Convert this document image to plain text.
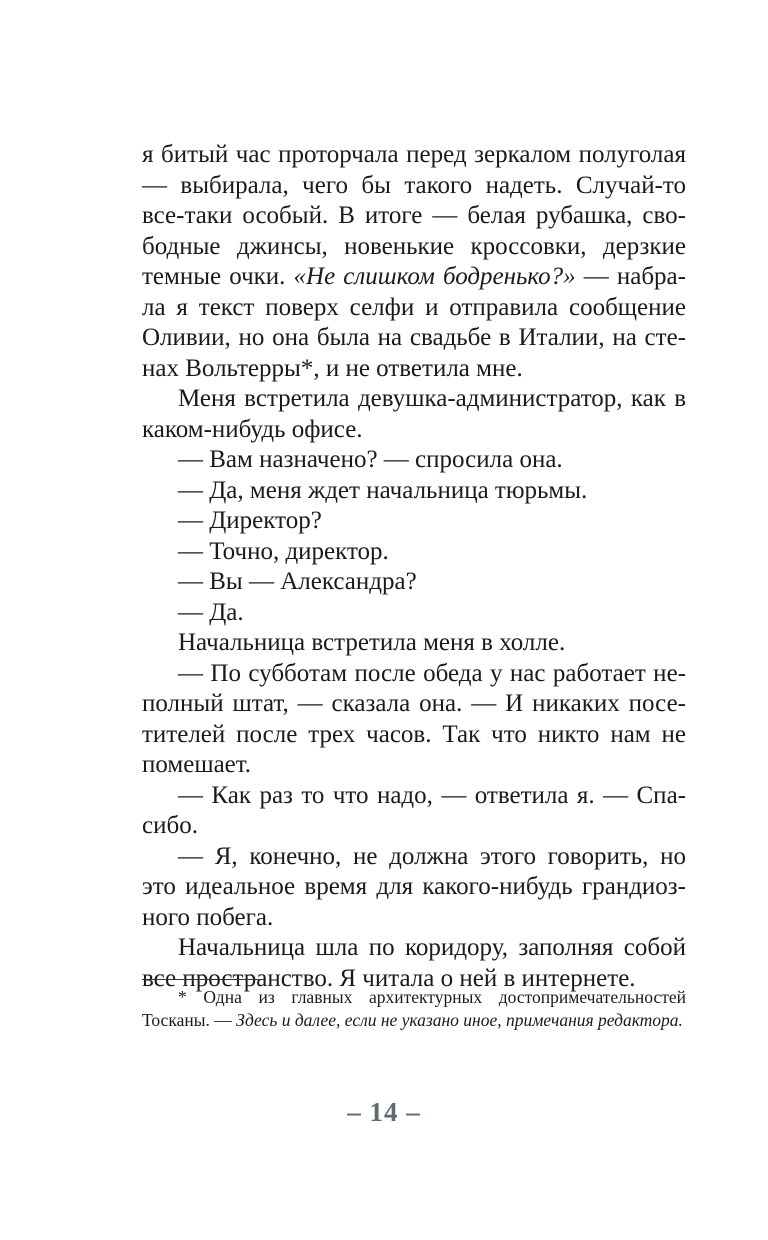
я битый час проторчала перед зеркалом полуголая — выбирала, чего бы такого надеть. Случай-то все-таки особый. В итоге — белая рубашка, свободные джинсы, новенькие кроссовки, дерзкие темные очки. «Не слишком бодренько?» — набрала я текст поверх селфи и отправила сообщение Оливии, но она была на свадьбе в Италии, на стенах Вольтерры*, и не ответила мне.

Меня встретила девушка-администратор, как в каком-нибудь офисе.

— Вам назначено? — спросила она.

— Да, меня ждет начальница тюрьмы.

— Директор?

— Точно, директор.

— Вы — Александра?

— Да.

Начальница встретила меня в холле.

— По субботам после обеда у нас работает неполный штат, — сказала она. — И никаких посетителей после трех часов. Так что никто нам не помешает.

— Как раз то что надо, — ответила я. — Спасибо.

— Я, конечно, не должна этого говорить, но это идеальное время для какого-нибудь грандиозного побега.

Начальница шла по коридору, заполняя собой все пространство. Я читала о ней в интернете.

* Одна из главных архитектурных достопримечательностей Тосканы. — Здесь и далее, если не указано иное, примечания редактора.

– 14 –
